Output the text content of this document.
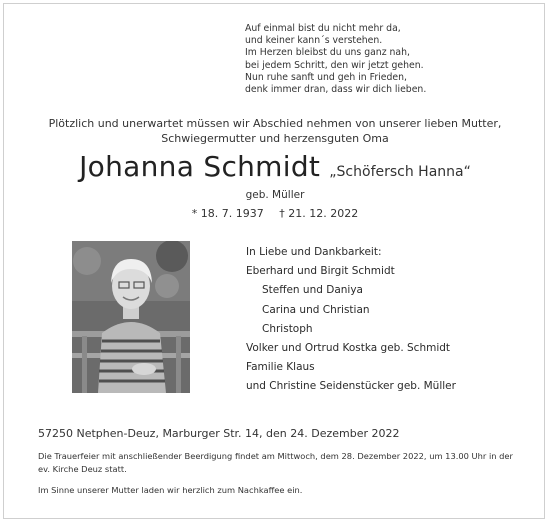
Auf einmal bist du nicht mehr da,
und keiner kann´s verstehen.
Im Herzen bleibst du uns ganz nah,
bei jedem Schritt, den wir jetzt gehen.
Nun ruhe sanft und geh in Frieden,
denk immer dran, dass wir dich lieben.
Plötzlich und unerwartet müssen wir Abschied nehmen von unserer lieben Mutter,
Schwiegermutter und herzensguten Oma
Johanna Schmidt „Schöfersch Hanna“
geb. Müller
* 18. 7. 1937 † 21. 12. 2022
In Liebe und Dankbarkeit:
Eberhard und Birgit Schmidt
Steffen und Daniya
Carina und Christian
Christoph
Volker und Ortrud Kostka geb. Schmidt
Familie Klaus
und Christine Seidenstücker geb. Müller
57250 Netphen-Deuz, Marburger Str. 14, den 24. Dezember 2022
Die Trauerfeier mit anschließender Beerdigung findet am Mittwoch, dem 28. Dezember 2022, um 13.00 Uhr in der ev. Kirche Deuz statt.
Im Sinne unserer Mutter laden wir herzlich zum Nachkaffee ein.
